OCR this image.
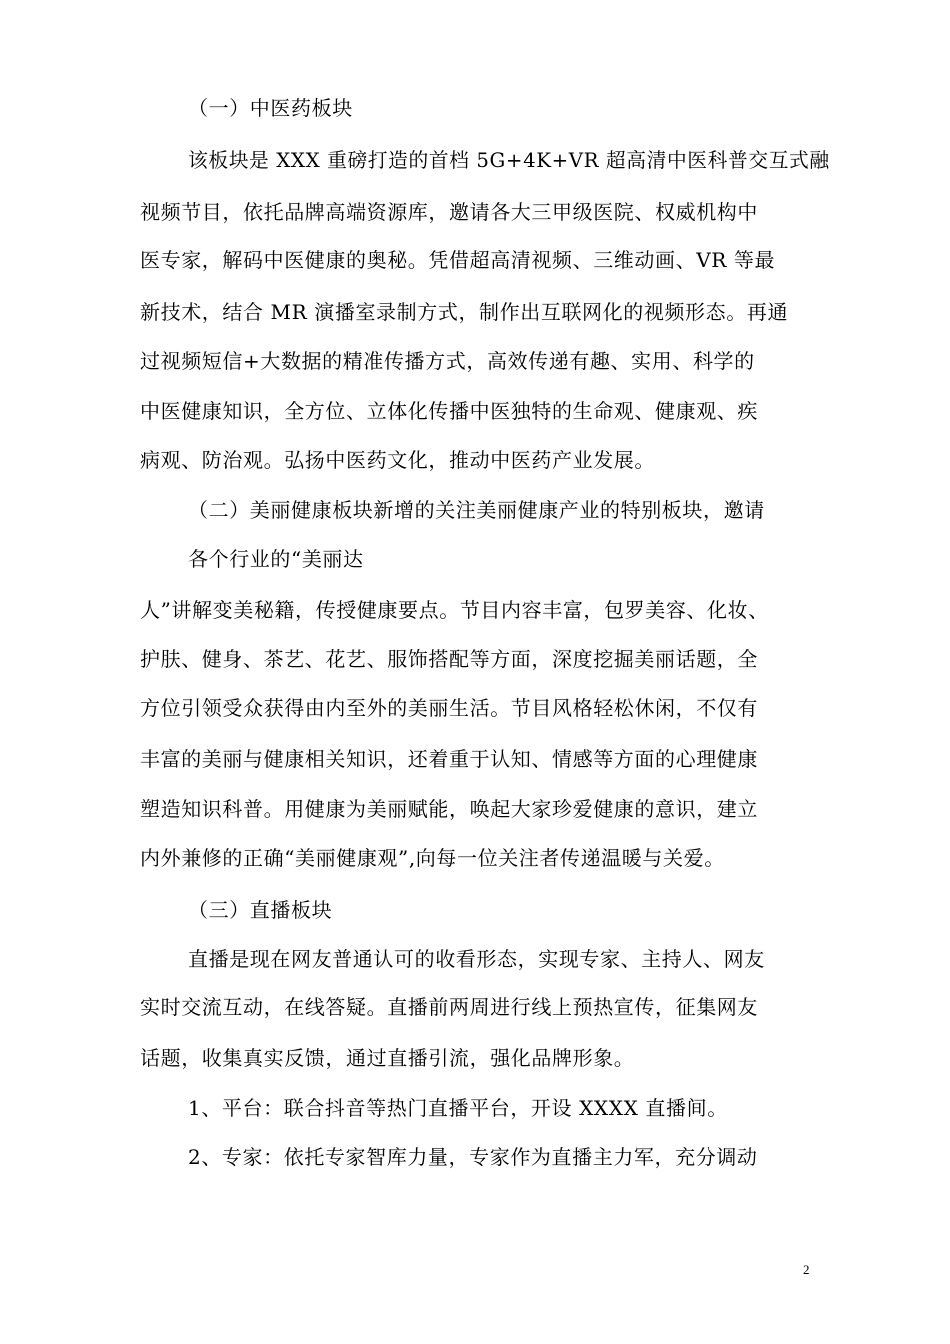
（一）中医药板块
该板块是 XXX 重磅打造的首档 5G+4K+VR 超高清中医科普交互式融
视频节目，依托品牌高端资源库，邀请各大三甲级医院、权威机构中
医专家，解码中医健康的奥秘。凭借超高清视频、三维动画、VR 等最
新技术，结合 MR 演播室录制方式，制作出互联网化的视频形态。再通
过视频短信+大数据的精准传播方式，高效传递有趣、实用、科学的
中医健康知识，全方位、立体化传播中医独特的生命观、健康观、疾
病观、防治观。弘扬中医药文化，推动中医药产业发展。
（二）美丽健康板块新增的关注美丽健康产业的特别板块，邀请
各个行业的“美丽达
人”讲解变美秘籍，传授健康要点。节目内容丰富，包罗美容、化妆、
护肤、健身、茶艺、花艺、服饰搭配等方面，深度挖掘美丽话题，全
方位引领受众获得由内至外的美丽生活。节目风格轻松休闲，不仅有
丰富的美丽与健康相关知识，还着重于认知、情感等方面的心理健康
塑造知识科普。用健康为美丽赋能，唤起大家珍爱健康的意识，建立
内外兼修的正确“美丽健康观”,向每一位关注者传递温暖与关爱。
（三）直播板块
直播是现在网友普通认可的收看形态，实现专家、主持人、网友
实时交流互动，在线答疑。直播前两周进行线上预热宣传，征集网友
话题，收集真实反馈，通过直播引流，强化品牌形象。
1、平台：联合抖音等热门直播平台，开设 XXXX 直播间。
2、专家：依托专家智库力量，专家作为直播主力军，充分调动
2
